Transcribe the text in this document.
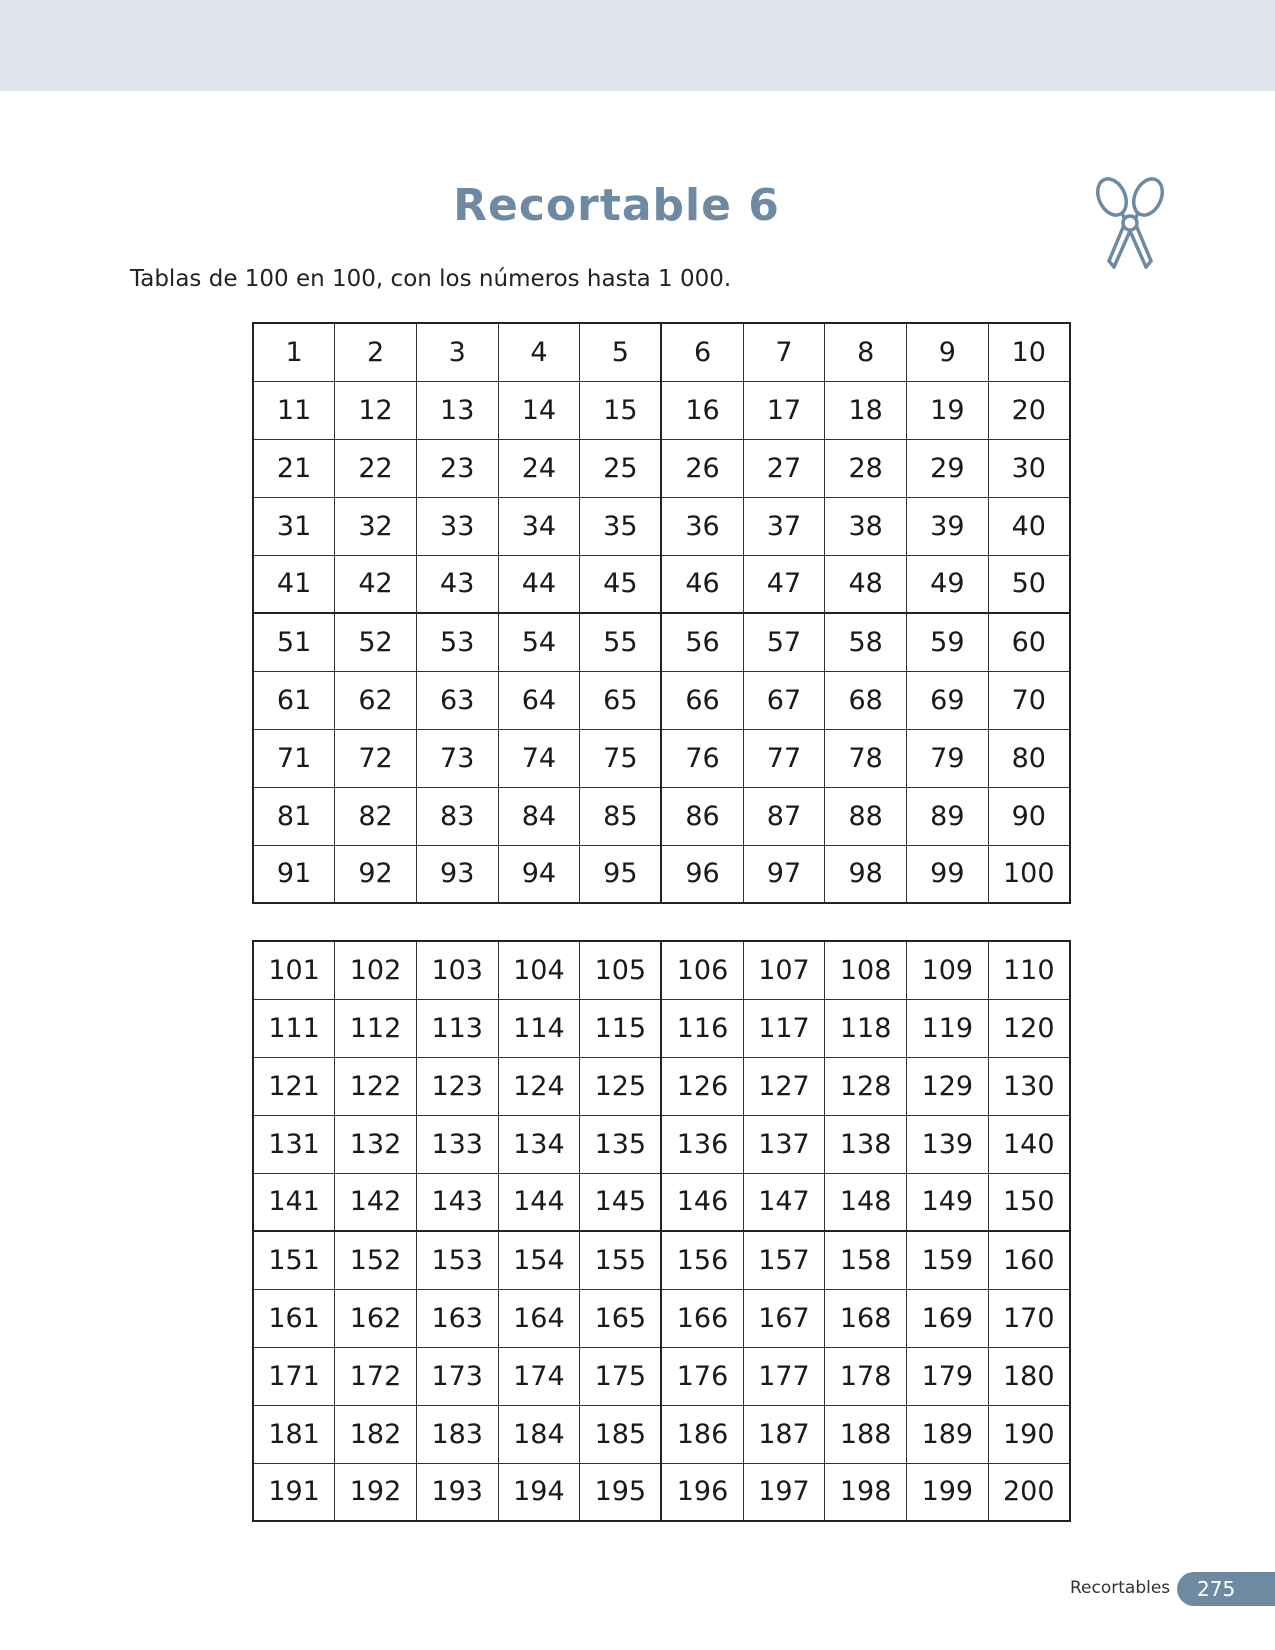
Recortable 6

Tablas de 100 en 100, con los números hasta 1 000.

1	2	3	4	5	6	7	8	9	10
11	12	13	14	15	16	17	18	19	20
21	22	23	24	25	26	27	28	29	30
31	32	33	34	35	36	37	38	39	40
41	42	43	44	45	46	47	48	49	50
51	52	53	54	55	56	57	58	59	60
61	62	63	64	65	66	67	68	69	70
71	72	73	74	75	76	77	78	79	80
81	82	83	84	85	86	87	88	89	90
91	92	93	94	95	96	97	98	99	100
101	102	103	104	105	106	107	108	109	110
111	112	113	114	115	116	117	118	119	120
121	122	123	124	125	126	127	128	129	130
131	132	133	134	135	136	137	138	139	140
141	142	143	144	145	146	147	148	149	150
151	152	153	154	155	156	157	158	159	160
161	162	163	164	165	166	167	168	169	170
171	172	173	174	175	176	177	178	179	180
181	182	183	184	185	186	187	188	189	190
191	192	193	194	195	196	197	198	199	200
Recortables	275
